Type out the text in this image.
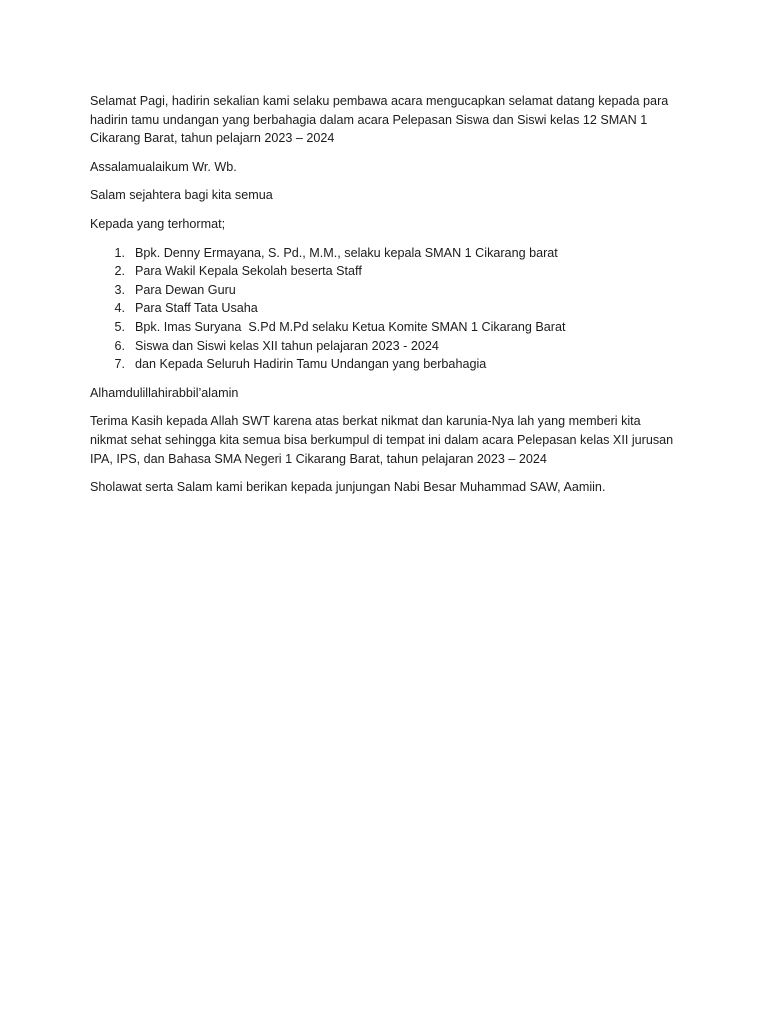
Selamat Pagi, hadirin sekalian kami selaku pembawa acara mengucapkan selamat datang kepada para hadirin tamu undangan yang berbahagia dalam acara Pelepasan Siswa dan Siswi kelas 12 SMAN 1 Cikarang Barat, tahun pelajarn 2023 – 2024

Assalamualaikum Wr. Wb.

Salam sejahtera bagi kita semua

Kepada yang terhormat;

1. Bpk. Denny Ermayana, S. Pd., M.M., selaku kepala SMAN 1 Cikarang barat
2. Para Wakil Kepala Sekolah beserta Staff
3. Para Dewan Guru
4. Para Staff Tata Usaha
5. Bpk. Imas Suryana  S.Pd M.Pd selaku Ketua Komite SMAN 1 Cikarang Barat
6. Siswa dan Siswi kelas XII tahun pelajaran 2023 - 2024
7. dan Kepada Seluruh Hadirin Tamu Undangan yang berbahagia

Alhamdulillahirabbil’alamin

Terima Kasih kepada Allah SWT karena atas berkat nikmat dan karunia-Nya lah yang memberi kita nikmat sehat sehingga kita semua bisa berkumpul di tempat ini dalam acara Pelepasan kelas XII jurusan IPA, IPS, dan Bahasa SMA Negeri 1 Cikarang Barat, tahun pelajaran 2023 – 2024

Sholawat serta Salam kami berikan kepada junjungan Nabi Besar Muhammad SAW, Aamiin.
